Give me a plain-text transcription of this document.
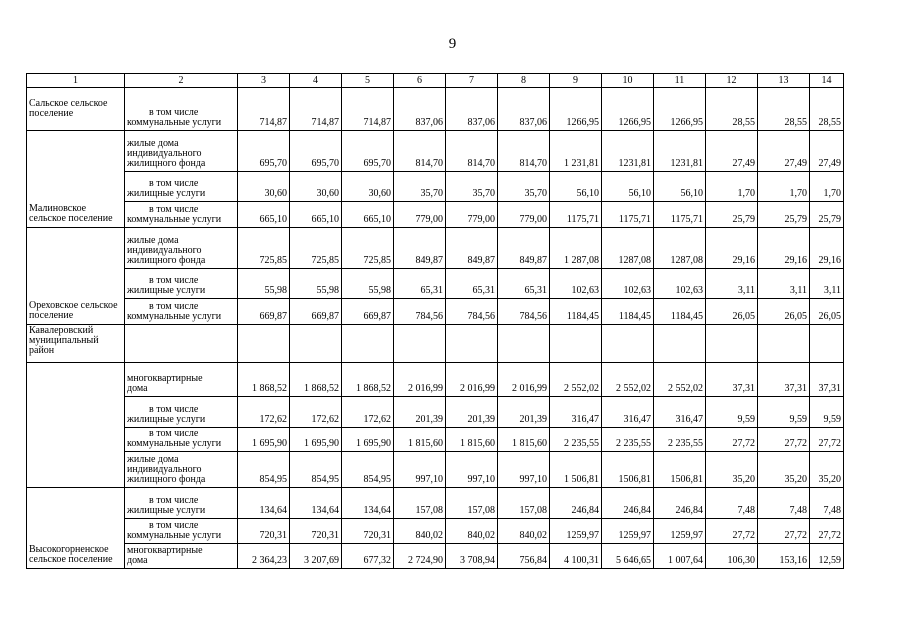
9
1	2	3	4	5	6	7	8	9	10	11	12	13	14
Сальское сельское поселение	в том числе
коммунальные услуги	714,87	714,87	714,87	837,06	837,06	837,06	1266,95	1266,95	1266,95	28,55	28,55	28,55
Малиновское сельское поселение	жилые дома
индивидуального
жилищного фонда	695,70	695,70	695,70	814,70	814,70	814,70	1 231,81	1231,81	1231,81	27,49	27,49	27,49

	в том числе
жилищные услуги	30,60	30,60	30,60	35,70	35,70	35,70	56,10	56,10	56,10	1,70	1,70	1,70

	в том числе
коммунальные услуги	665,10	665,10	665,10	779,00	779,00	779,00	1175,71	1175,71	1175,71	25,79	25,79	25,79
Ореховское сельское поселение	жилые дома
индивидуального
жилищного фонда	725,85	725,85	725,85	849,87	849,87	849,87	1 287,08	1287,08	1287,08	29,16	29,16	29,16

	в том числе
жилищные услуги	55,98	55,98	55,98	65,31	65,31	65,31	102,63	102,63	102,63	3,11	3,11	3,11

	в том числе
коммунальные услуги	669,87	669,87	669,87	784,56	784,56	784,56	1184,45	1184,45	1184,45	26,05	26,05	26,05
Кавалеровский муниципальный район													

	многоквартирные
дома	1 868,52	1 868,52	1 868,52	2 016,99	2 016,99	2 016,99	2 552,02	2 552,02	2 552,02	37,31	37,31	37,31

	в том числе
жилищные услуги	172,62	172,62	172,62	201,39	201,39	201,39	316,47	316,47	316,47	9,59	9,59	9,59

	в том числе
коммунальные услуги	1 695,90	1 695,90	1 695,90	1 815,60	1 815,60	1 815,60	2 235,55	2 235,55	2 235,55	27,72	27,72	27,72

	жилые дома
индивидуального
жилищного фонда	854,95	854,95	854,95	997,10	997,10	997,10	1 506,81	1506,81	1506,81	35,20	35,20	35,20
Высокогорненское сельское поселение	в том числе
жилищные услуги	134,64	134,64	134,64	157,08	157,08	157,08	246,84	246,84	246,84	7,48	7,48	7,48

	в том числе
коммунальные услуги	720,31	720,31	720,31	840,02	840,02	840,02	1259,97	1259,97	1259,97	27,72	27,72	27,72

	многоквартирные
дома	2 364,23	3 207,69	677,32	2 724,90	3 708,94	756,84	4 100,31	5 646,65	1 007,64	106,30	153,16	12,59
